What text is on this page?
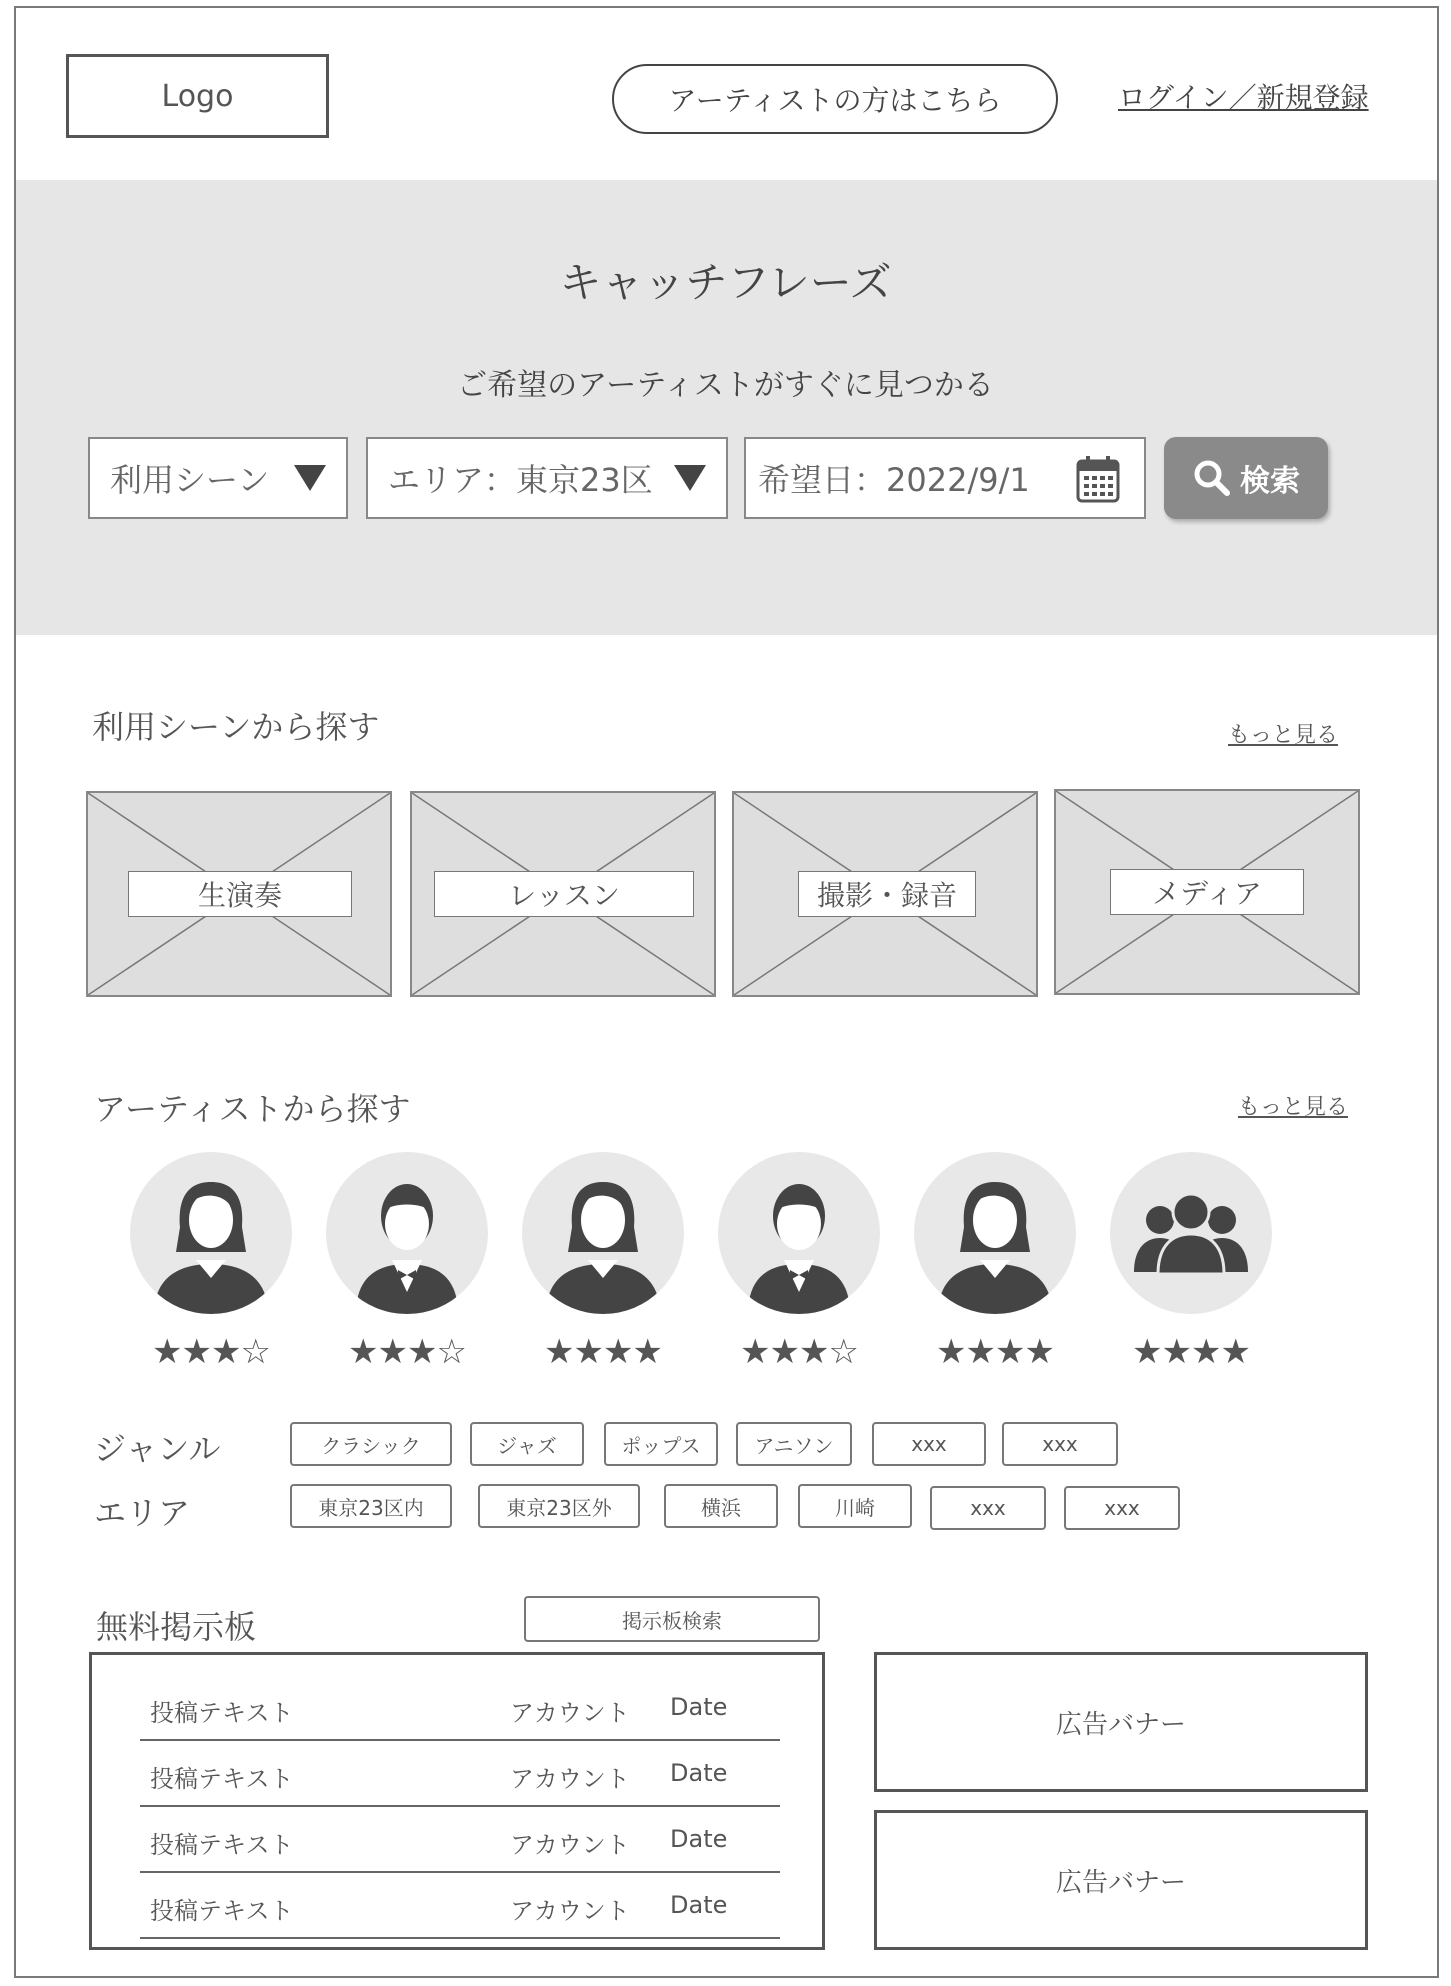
Logo	アーティストの方はこちら	ログイン／新規登録
キャッチフレーズ
ご希望のアーティストがすぐに見つかる
利用シーン	エリア：東京23区	希望日：2022/9/1	検索
利用シーンから探す	もっと見る
生演奏	レッスン	撮影・録音	メディア
アーティストから探す	もっと見る
★★★☆	★★★☆	★★★★	★★★☆	★★★★	★★★★
ジャンル	クラシック	ジャズ	ポップス	アニソン	xxx	xxx
エリア	東京23区内	東京23区外	横浜	川崎	xxx	xxx
無料掲示板	掲示板検索
投稿テキスト	アカウント Date
投稿テキスト	アカウント Date
投稿テキスト	アカウント Date
投稿テキスト	アカウント Date
広告バナー
広告バナー
